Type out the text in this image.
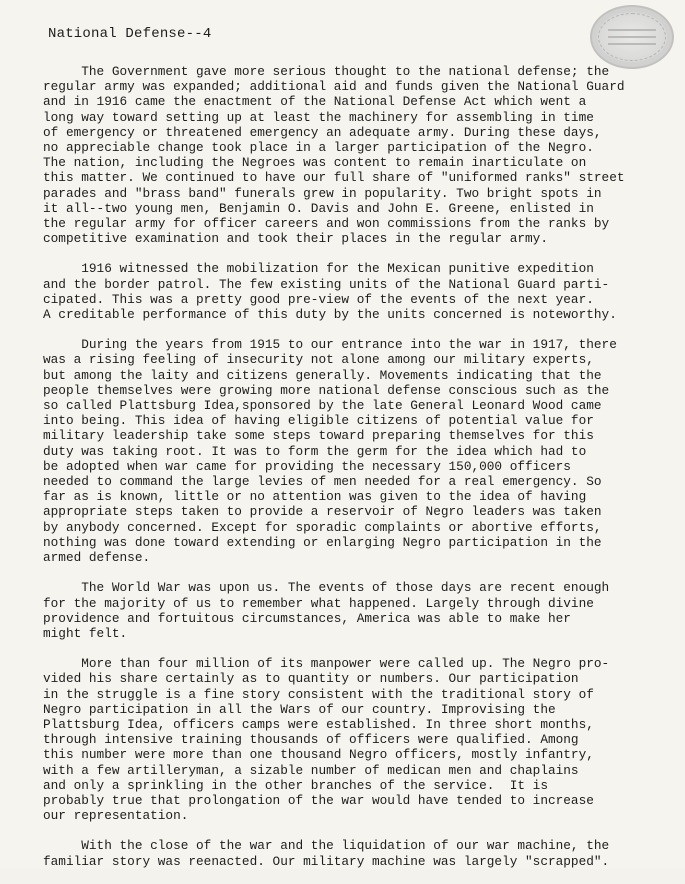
National Defense--4

The Government gave more serious thought to the national defense; the
regular army was expanded; additional aid and funds given the National Guard
and in 1916 came the enactment of the National Defense Act which went a
long way toward setting up at least the machinery for assembling in time
of emergency or threatened emergency an adequate army. During these days,
no appreciable change took place in a larger participation of the Negro.
The nation, including the Negroes was content to remain inarticulate on
this matter. We continued to have our full share of "uniformed ranks" street
parades and "brass band" funerals grew in popularity. Two bright spots in
it all--two young men, Benjamin O. Davis and John E. Greene, enlisted in
the regular army for officer careers and won commissions from the ranks by
competitive examination and took their places in the regular army.

1916 witnessed the mobilization for the Mexican punitive expedition
and the border patrol. The few existing units of the National Guard parti-
cipated. This was a pretty good pre-view of the events of the next year.
A creditable performance of this duty by the units concerned is noteworthy.

During the years from 1915 to our entrance into the war in 1917, there
was a rising feeling of insecurity not alone among our military experts,
but among the laity and citizens generally. Movements indicating that the
people themselves were growing more national defense conscious such as the
so called Plattsburg Idea,sponsored by the late General Leonard Wood came
into being. This idea of having eligible citizens of potential value for
military leadership take some steps toward preparing themselves for this
duty was taking root. It was to form the germ for the idea which had to
be adopted when war came for providing the necessary 150,000 officers
needed to command the large levies of men needed for a real emergency. So
far as is known, little or no attention was given to the idea of having
appropriate steps taken to provide a reservoir of Negro leaders was taken
by anybody concerned. Except for sporadic complaints or abortive efforts,
nothing was done toward extending or enlarging Negro participation in the
armed defense.

The World War was upon us. The events of those days are recent enough
for the majority of us to remember what happened. Largely through divine
providence and fortuitous circumstances, America was able to make her
might felt.

More than four million of its manpower were called up. The Negro pro-
vided his share certainly as to quantity or numbers. Our participation
in the struggle is a fine story consistent with the traditional story of
Negro participation in all the Wars of our country. Improvising the
Plattsburg Idea, officers camps were established. In three short months,
through intensive training thousands of officers were qualified. Among
this number were more than one thousand Negro officers, mostly infantry,
with a few artilleryman, a sizable number of medican men and chaplains
and only a sprinkling in the other branches of the service.  It is
probably true that prolongation of the war would have tended to increase
our representation.

With the close of the war and the liquidation of our war machine, the
familiar story was reenacted. Our military machine was largely "scrapped".
